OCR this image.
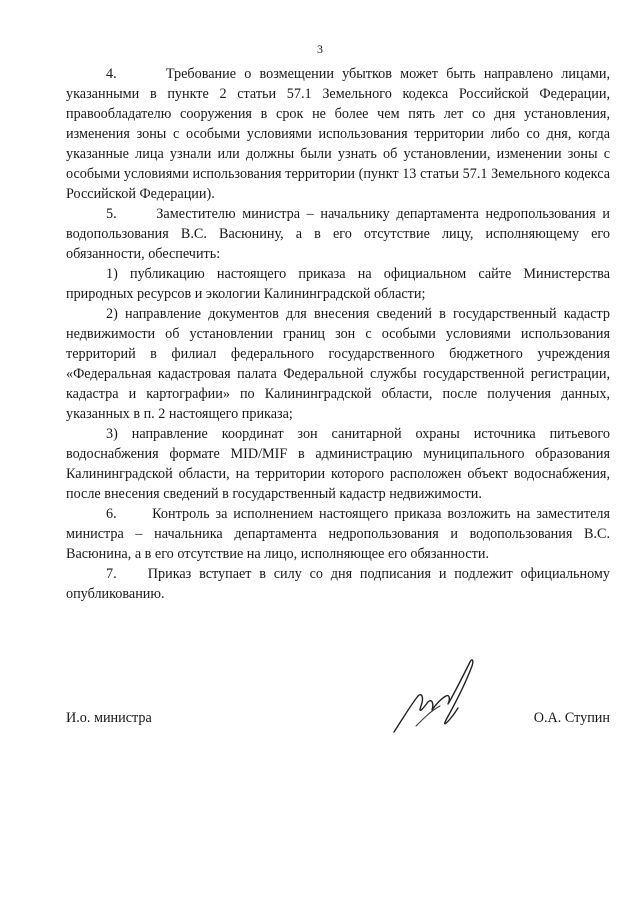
3

4.      Требование о возмещении убытков может быть направлено лицами, указанными в пункте 2 статьи 57.1 Земельного кодекса Российской Федерации, правообладателю сооружения в срок не более чем пять лет со дня установления, изменения зоны с особыми условиями использования территории либо со дня, когда указанные лица узнали или должны были узнать об установлении, изменении зоны с особыми условиями использования территории (пункт 13 статьи 57.1 Земельного кодекса Российской Федерации).

5.      Заместителю министра – начальнику департамента недропользования и водопользования В.С. Васюнину, а в его отсутствие лицу, исполняющему его обязанности, обеспечить:

1) публикацию настоящего приказа на официальном сайте Министерства природных ресурсов и экологии Калининградской области;

2) направление документов для внесения сведений в государственный кадастр недвижимости об установлении границ зон с особыми условиями использования территорий в филиал федерального государственного бюджетного учреждения «Федеральная кадастровая палата Федеральной службы государственной регистрации, кадастра и картографии» по Калининградской области, после получения данных, указанных в п. 2 настоящего приказа;

3) направление координат зон санитарной охраны источника питьевого водоснабжения формате MID/MIF в администрацию муниципального образования Калининградской области, на территории которого расположен объект водоснабжения, после внесения сведений в государственный кадастр недвижимости.

6.      Контроль за исполнением настоящего приказа возложить на заместителя министра – начальника департамента недропользования и водопользования В.С. Васюнина, а в его отсутствие на лицо, исполняющее его обязанности.

7.    Приказ вступает в силу со дня подписания и подлежит официальному опубликованию.

И.о. министра	О.А. Ступин
